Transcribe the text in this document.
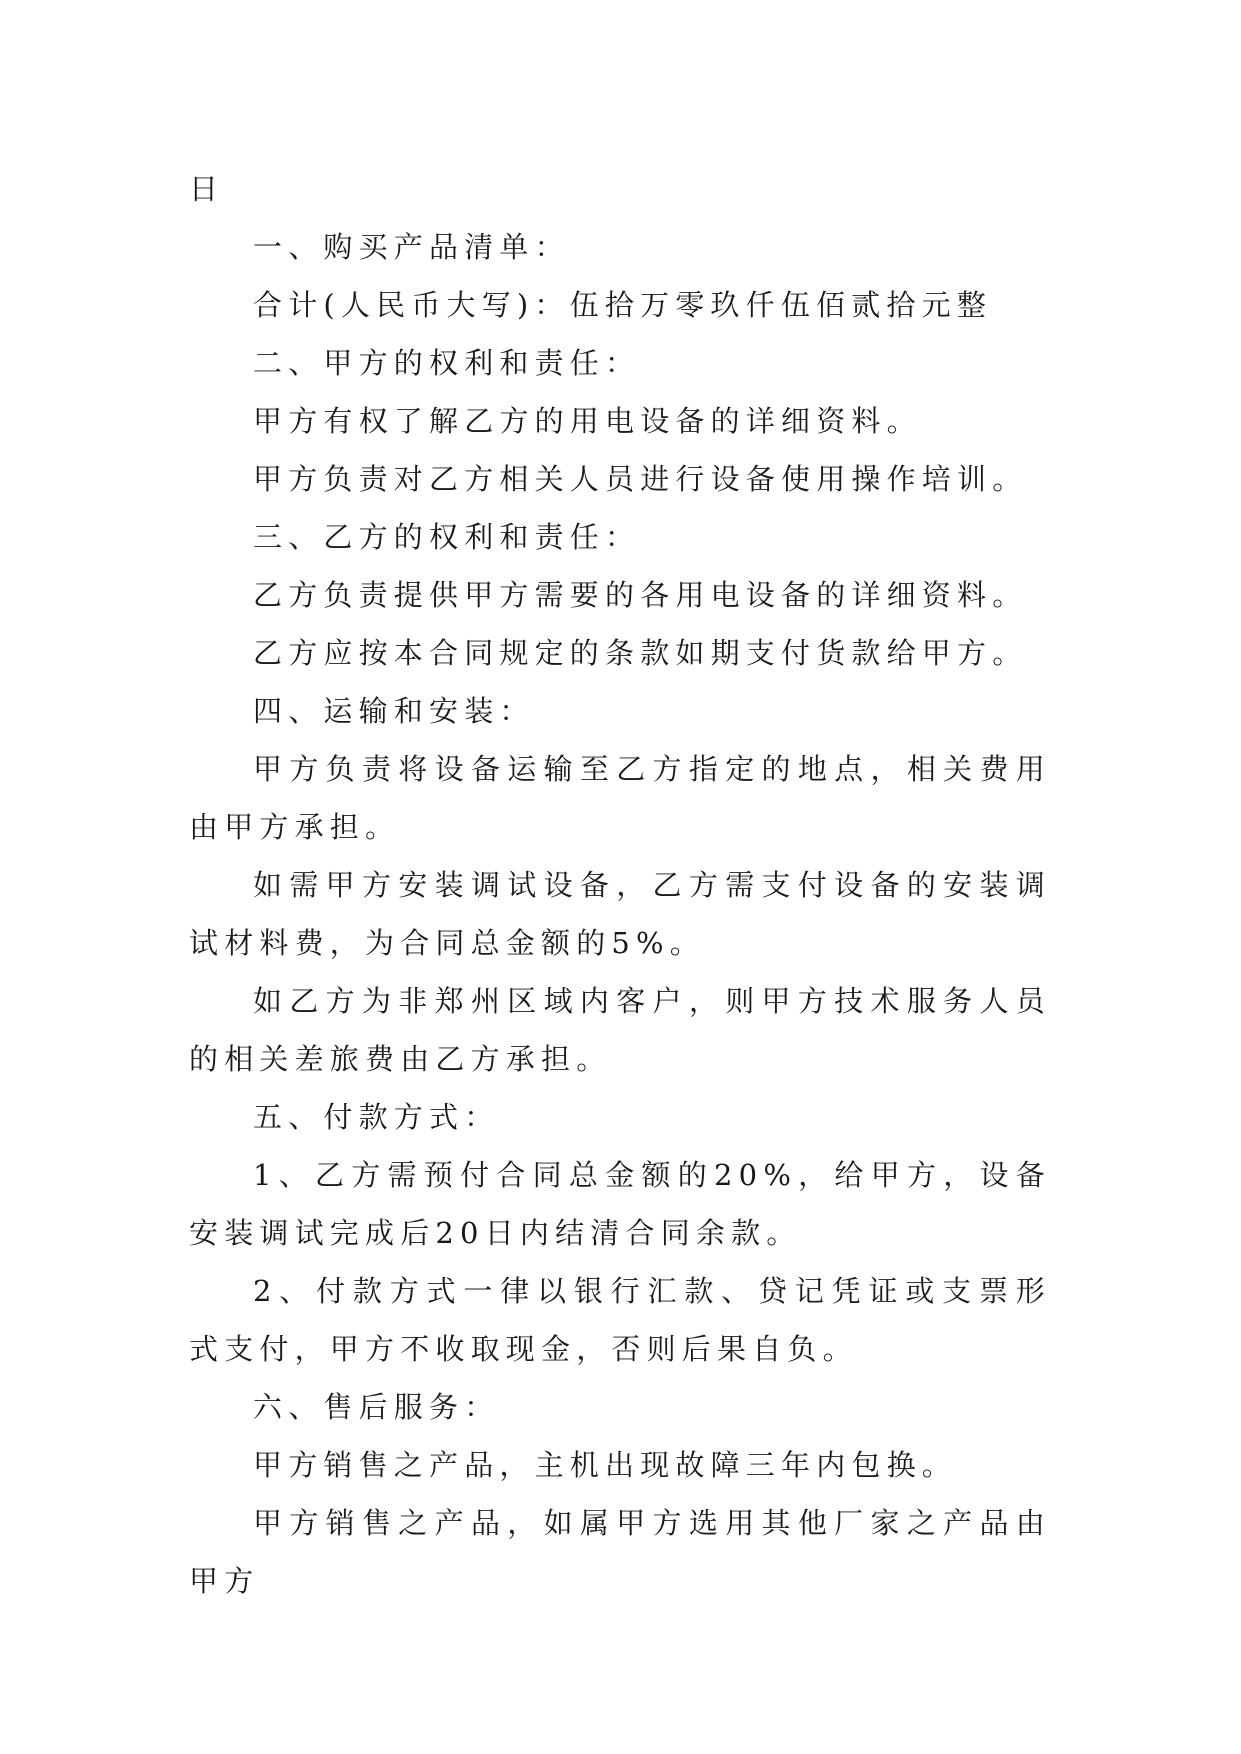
日

一、购买产品清单：

合计(人民币大写)：伍拾万零玖仟伍佰贰拾元整

二、甲方的权利和责任：

甲方有权了解乙方的用电设备的详细资料。

甲方负责对乙方相关人员进行设备使用操作培训。

三、乙方的权利和责任：

乙方负责提供甲方需要的各用电设备的详细资料。

乙方应按本合同规定的条款如期支付货款给甲方。

四、运输和安装：

甲方负责将设备运输至乙方指定的地点，相关费用由甲方承担。

如需甲方安装调试设备，乙方需支付设备的安装调试材料费，为合同总金额的5%。

如乙方为非郑州区域内客户，则甲方技术服务人员的相关差旅费由乙方承担。

五、付款方式：

1、乙方需预付合同总金额的20%，给甲方，设备安装调试完成后20日内结清合同余款。

2、付款方式一律以银行汇款、贷记凭证或支票形式支付，甲方不收取现金，否则后果自负。

六、售后服务：

甲方销售之产品，主机出现故障三年内包换。

甲方销售之产品，如属甲方选用其他厂家之产品由甲方
